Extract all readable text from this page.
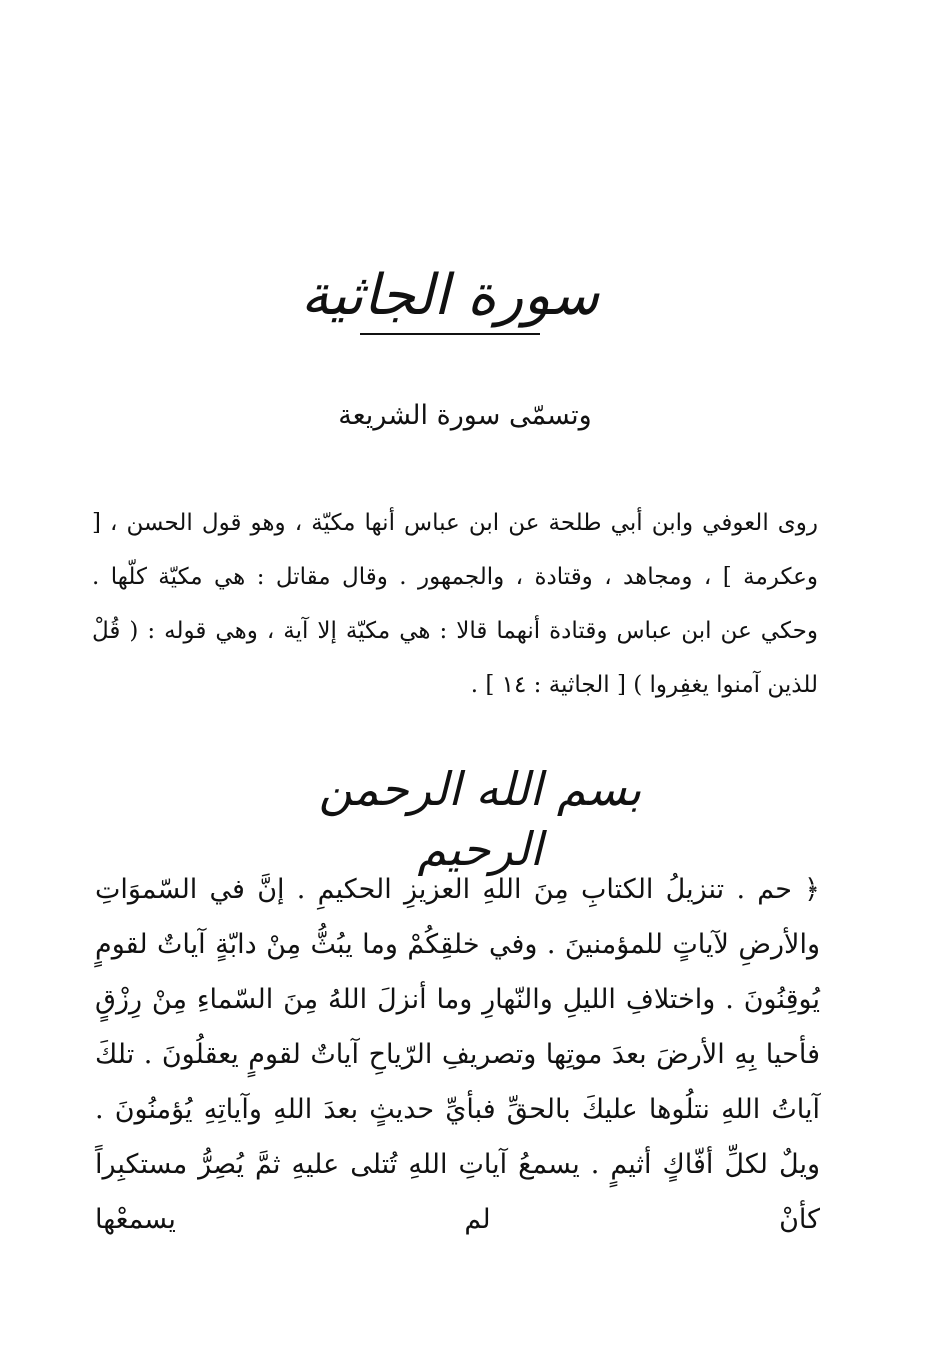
سورة الجاثية
وتسمّى سورة الشريعة
روى العوفي وابن أبي طلحة عن ابن عباس أنها مكيّة ، وهو قول الحسن ، [ وعكرمة ] ، ومجاهد ، وقتادة ، والجمهور . وقال مقاتل : هي مكيّة كلّها . وحكي عن ابن عباس وقتادة أنهما قالا : هي مكيّة إلا آية ، وهي قوله : ( قُلْ للذين آمنوا يغفِروا ) [ الجاثية : ١٤ ] .
بسم الله الرحمن الرحيم
﴿ حم . تنزيلُ الكتابِ مِنَ اللهِ العزيزِ الحكيمِ . إنَّ في السّموَاتِ والأرضِ لآياتٍ للمؤمنينَ . وفي خلقِكُمْ وما يبُثُّ مِنْ دابّةٍ آياتٌ لقومٍ يُوقِنُونَ . واختلافِ الليلِ والنّهارِ وما أنزلَ اللهُ مِنَ السّماءِ مِنْ رِزْقٍ فأحيا بِهِ الأرضَ بعدَ موتِها وتصريفِ الرّياحِ آياتٌ لقومٍ يعقلُونَ . تلكَ آياتُ اللهِ نتلُوها عليكَ بالحقِّ فبأيِّ حديثٍ بعدَ اللهِ وآياتِهِ يُؤمنُونَ . ويلٌ لكلِّ أفّاكٍ أثيمٍ . يسمعُ آياتِ اللهِ تُتلى عليهِ ثمَّ يُصِرُّ مستكبِراً كأنْ لم يسمعْها
